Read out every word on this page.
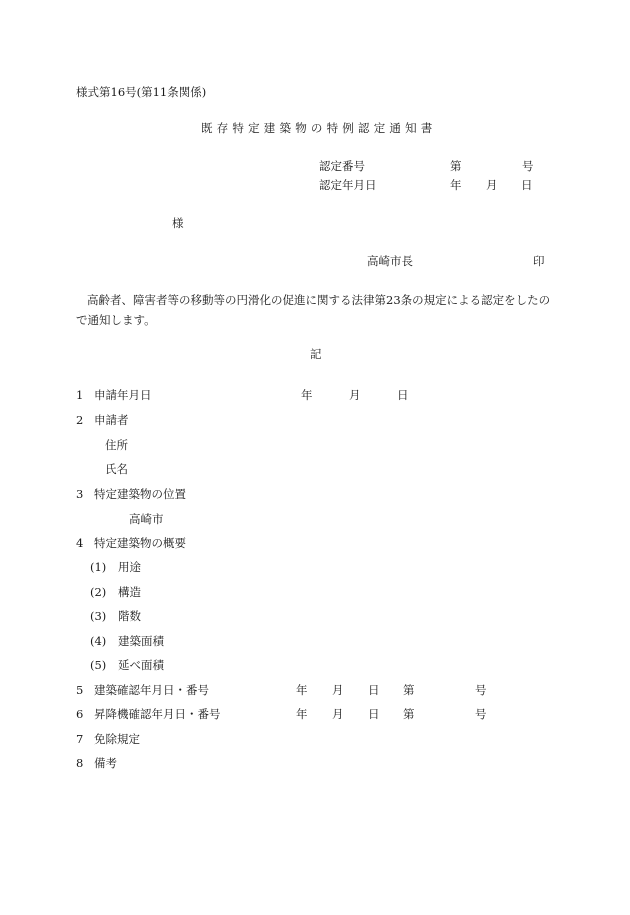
様式第16号(第11条関係)
既存特定建築物の特例認定通知書
認定番号	第	号
認定年月日	年 月 日
様
高崎市長	印
高齢者、障害者等の移動等の円滑化の促進に関する法律第23条の規定による認定をしたので通知します。
記
1 申請年月日	年	月	日
2 申請者
住所
氏名
3 特定建築物の位置
高崎市
4 特定建築物の概要
(1) 用途
(2) 構造
(3) 階数
(4) 建築面積
(5) 延べ面積
5 建築確認年月日・番号	年 月 日 第	号
6 昇降機確認年月日・番号	年 月 日 第	号
7 免除規定
8 備考
